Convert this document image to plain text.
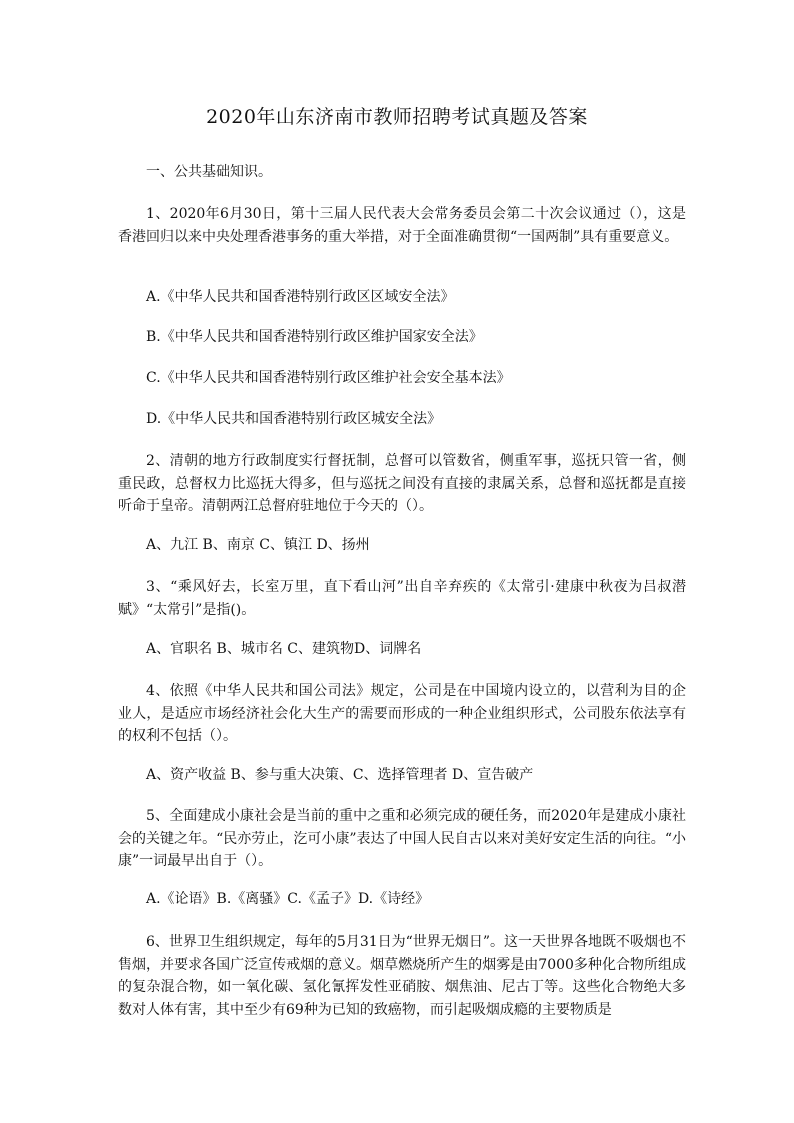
2020年山东济南市教师招聘考试真题及答案
一、公共基础知识。
1、2020年6月30日，第十三届人民代表大会常务委员会第二十次会议通过（），这是香港回归以来中央处理香港事务的重大举措，对于全面准确贯彻“一国两制”具有重要意义。
A.《中华人民共和国香港特别行政区区域安全法》
B.《中华人民共和国香港特别行政区维护国家安全法》
C.《中华人民共和国香港特别行政区维护社会安全基本法》
D.《中华人民共和国香港特别行政区城安全法》
2、清朝的地方行政制度实行督抚制，总督可以管数省，侧重军事，巡抚只管一省，侧重民政，总督权力比巡抚大得多，但与巡抚之间没有直接的隶属关系，总督和巡抚都是直接听命于皇帝。清朝两江总督府驻地位于今天的（）。
A、九江 B、南京 C、镇江 D、扬州
3、“乘风好去，长室万里，直下看山河”出自辛弃疾的《太常引·建康中秋夜为吕叔潜赋》“太常引”是指()。
A、官职名 B、城市名 C、建筑物D、词牌名
4、依照《中华人民共和国公司法》规定，公司是在中国境内设立的，以营利为目的企业人，是适应市场经济社会化大生产的需要而形成的一种企业组织形式，公司股东依法享有的权利不包括（）。
A、资产收益 B、参与重大决策、C、选择管理者 D、宣告破产
5、全面建成小康社会是当前的重中之重和必须完成的硬任务，而2020年是建成小康社会的关键之年。“民亦劳止，汔可小康”表达了中国人民自古以来对美好安定生活的向往。“小康”一词最早出自于（）。
A.《论语》B.《离骚》C.《孟子》D.《诗经》
6、世界卫生组织规定，每年的5月31日为“世界无烟日”。这一天世界各地既不吸烟也不售烟，并要求各国广泛宣传戒烟的意义。烟草燃烧所产生的烟雾是由7000多种化合物所组成的复杂混合物，如一氧化碳、氢化氰挥发性亚硝胺、烟焦油、尼古丁等。这些化合物绝大多数对人体有害，其中至少有69种为已知的致癌物，而引起吸烟成瘾的主要物质是
